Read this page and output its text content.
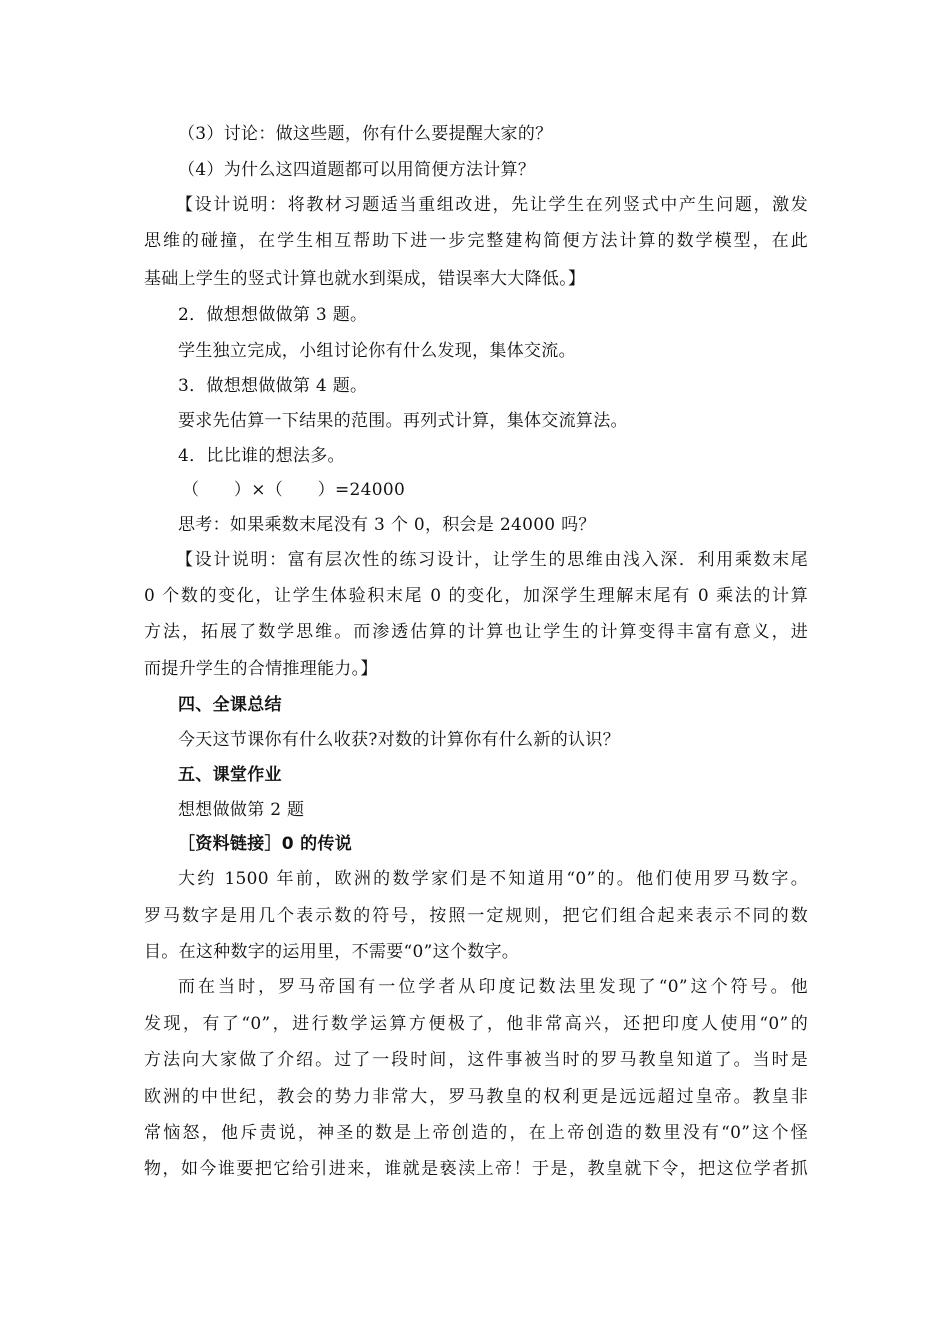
（3）讨论：做这些题，你有什么要提醒大家的？
（4）为什么这四道题都可以用简便方法计算？
【设计说明：将教材习题适当重组改进，先让学生在列竖式中产生问题，激发
思维的碰撞，在学生相互帮助下进一步完整建构简便方法计算的数学模型，在此
基础上学生的竖式计算也就水到渠成，错误率大大降低。】
2．做想想做做第 3 题。
学生独立完成，小组讨论你有什么发现，集体交流。
3．做想想做做第 4 题。
要求先估算一下结果的范围。再列式计算，集体交流算法。
4．比比谁的想法多。
（　　）×（　　）=24000
思考：如果乘数末尾没有 3 个 0，积会是 24000 吗？
【设计说明：富有层次性的练习设计，让学生的思维由浅入深．利用乘数末尾
0 个数的变化，让学生体验积末尾 0 的变化，加深学生理解末尾有 0 乘法的计算
方法，拓展了数学思维。而渗透估算的计算也让学生的计算变得丰富有意义，进
而提升学生的合情推理能力。】
四、全课总结
今天这节课你有什么收获?对数的计算你有什么新的认识？
五、课堂作业
想想做做第 2 题
［资料链接］0 的传说
大约 1500 年前，欧洲的数学家们是不知道用“0”的。他们使用罗马数字。
罗马数字是用几个表示数的符号，按照一定规则，把它们组合起来表示不同的数
目。在这种数字的运用里，不需要“0”这个数字。
而在当时，罗马帝国有一位学者从印度记数法里发现了“0”这个符号。他
发现，有了“0”，进行数学运算方便极了，他非常高兴，还把印度人使用“0”的
方法向大家做了介绍。过了一段时间，这件事被当时的罗马教皇知道了。当时是
欧洲的中世纪，教会的势力非常大，罗马教皇的权利更是远远超过皇帝。教皇非
常恼怒，他斥责说，神圣的数是上帝创造的，在上帝创造的数里没有“0”这个怪
物，如今谁要把它给引进来，谁就是亵渎上帝！于是，教皇就下令，把这位学者抓
